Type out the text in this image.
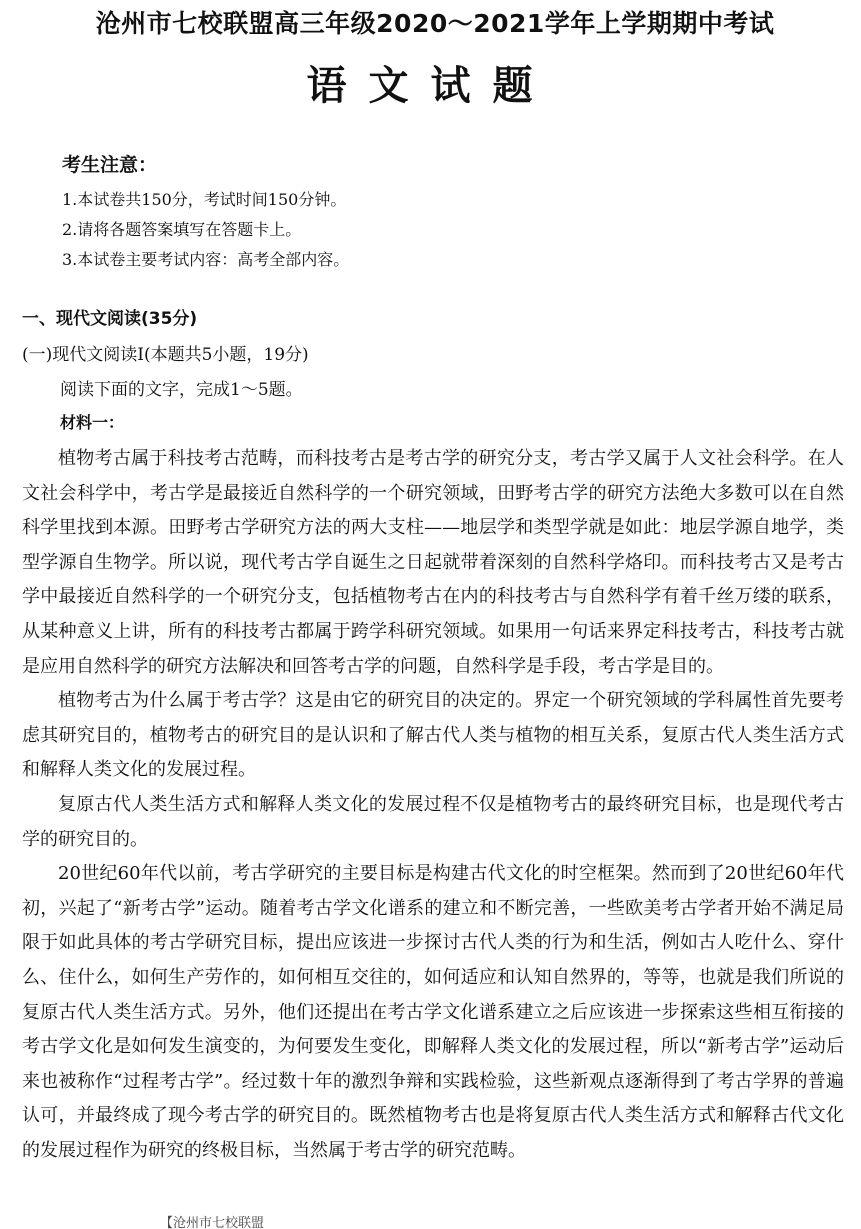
沧州市七校联盟高三年级2020～2021学年上学期期中考试
语文试题
考生注意：
1.本试卷共150分，考试时间150分钟。
2.请将各题答案填写在答题卡上。
3.本试卷主要考试内容：高考全部内容。
一、现代文阅读(35分)
(一)现代文阅读Ⅰ(本题共5小题，19分)
阅读下面的文字，完成1～5题。
材料一：

植物考古属于科技考古范畴，而科技考古是考古学的研究分支，考古学又属于人文社会科学。在人文社会科学中，考古学是最接近自然科学的一个研究领域，田野考古学的研究方法绝大多数可以在自然科学里找到本源。田野考古学研究方法的两大支柱——地层学和类型学就是如此：地层学源自地学，类型学源自生物学。所以说，现代考古学自诞生之日起就带着深刻的自然科学烙印。而科技考古又是考古学中最接近自然科学的一个研究分支，包括植物考古在内的科技考古与自然科学有着千丝万缕的联系，从某种意义上讲，所有的科技考古都属于跨学科研究领域。如果用一句话来界定科技考古，科技考古就是应用自然科学的研究方法解决和回答考古学的问题，自然科学是手段，考古学是目的。

植物考古为什么属于考古学？这是由它的研究目的决定的。界定一个研究领域的学科属性首先要考虑其研究目的，植物考古的研究目的是认识和了解古代人类与植物的相互关系，复原古代人类生活方式和解释人类文化的发展过程。

复原古代人类生活方式和解释人类文化的发展过程不仅是植物考古的最终研究目标，也是现代考古学的研究目的。

20世纪60年代以前，考古学研究的主要目标是构建古代文化的时空框架。然而到了20世纪60年代初，兴起了“新考古学”运动。随着考古学文化谱系的建立和不断完善，一些欧美考古学者开始不满足局限于如此具体的考古学研究目标，提出应该进一步探讨古代人类的行为和生活，例如古人吃什么、穿什么、住什么，如何生产劳作的，如何相互交往的，如何适应和认知自然界的，等等，也就是我们所说的复原古代人类生活方式。另外，他们还提出在考古学文化谱系建立之后应该进一步探索这些相互衔接的考古学文化是如何发生演变的，为何要发生变化，即解释人类文化的发展过程，所以“新考古学”运动后来也被称作“过程考古学”。经过数十年的激烈争辩和实践检验，这些新观点逐渐得到了考古学界的普遍认可，并最终成了现今考古学的研究目的。既然植物考古也是将复原古代人类生活方式和解释古代文化的发展过程作为研究的终极目标，当然属于考古学的研究范畴。

【沧州市七校联盟
